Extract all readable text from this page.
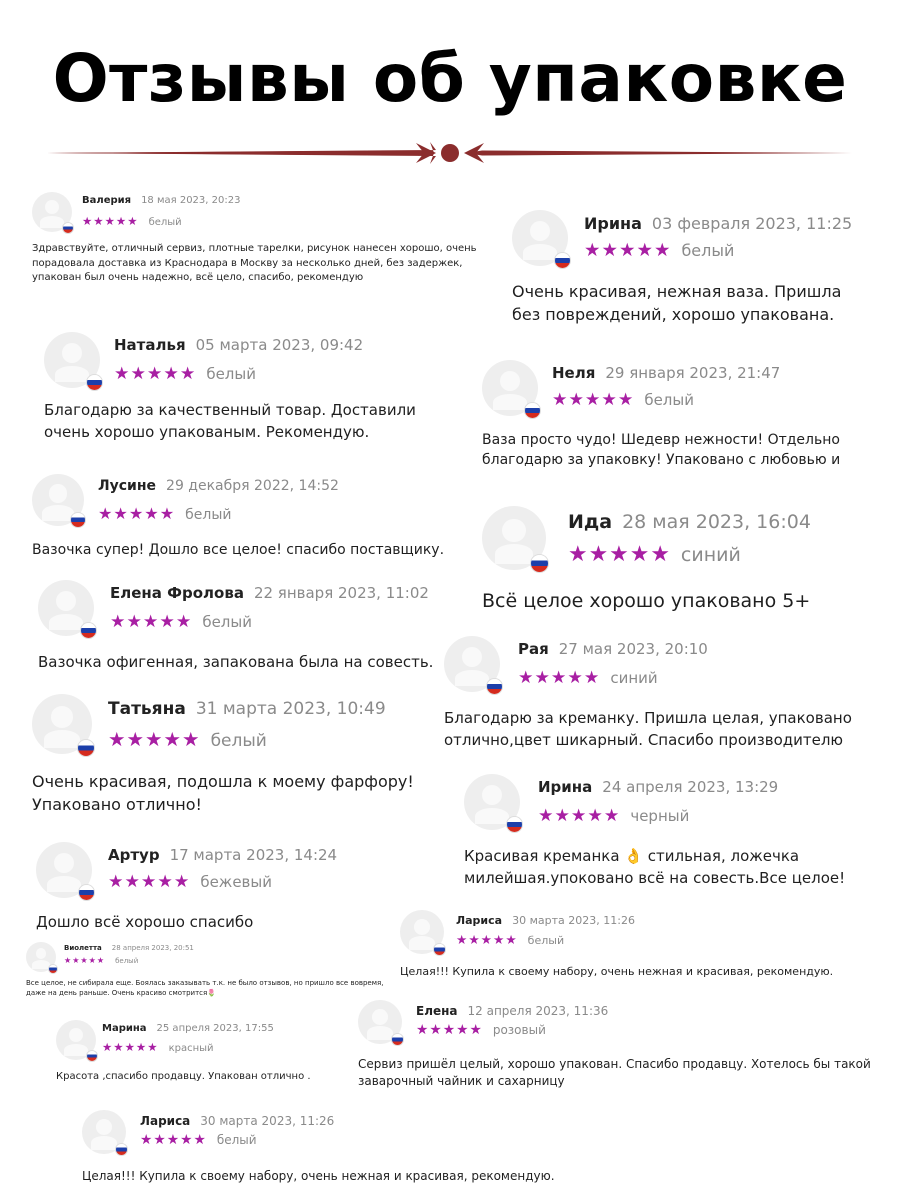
Отзывы об упаковке
Валерия 18 мая 2023, 20:23
★★★★★ белый
Здравствуйте, отличный сервиз, плотные тарелки, рисунок нанесен хорошо, очень порадовала доставка из Краснодара в Москву за несколько дней, без задержек, упакован был очень надежно, всё цело, спасибо, рекомендую
Ирина 03 февраля 2023, 11:25
★★★★★ белый
Очень красивая, нежная ваза. Пришла без повреждений, хорошо упакована.
Наталья 05 марта 2023, 09:42
★★★★★ белый
Благодарю за качественный товар. Доставили очень хорошо упакованым. Рекомендую.
Неля 29 января 2023, 21:47
★★★★★ белый
Ваза просто чудо! Шедевр нежности! Отдельно благодарю за упаковку! Упаковано с любовью и
Лусине 29 декабря 2022, 14:52
★★★★★ белый
Вазочка супер! Дошло все целое! спасибо поставщику.
Ида 28 мая 2023, 16:04
★★★★★ синий
Всё целое хорошо упаковано 5+
Елена Фролова 22 января 2023, 11:02
★★★★★ белый
Вазочка офигенная, запакована была на совесть.
Рая 27 мая 2023, 20:10
★★★★★ синий
Благодарю за креманку. Пришла целая, упаковано отлично,цвет шикарный. Спасибо производителю
Татьяна 31 марта 2023, 10:49
★★★★★ белый
Очень красивая, подошла к моему фарфору! Упаковано отлично!
Ирина 24 апреля 2023, 13:29
★★★★★ черный
Красивая креманка 👌 стильная, ложечка милейшая.упоковано всё на совесть.Все целое!
Артур 17 марта 2023, 14:24
★★★★★ бежевый
Дошло всё хорошо спасибо	Лариса 30 марта 2023, 11:26
★★★★★ белый
Целая!!! Купила к своему набору, очень нежная и красивая, рекомендую.
Виолетта 28 апреля 2023, 20:51
★★★★★ белый
Все целое, не сибирала еще. Боялась заказывать т.к. не было отзывов, но пришло все вовремя, даже на день раньше. Очень красиво смотрится🌷
Елена 12 апреля 2023, 11:36
★★★★★ розовый
Сервиз пришёл целый, хорошо упакован. Спасибо продавцу. Хотелось бы такой заварочный чайник и сахарницу
Марина 25 апреля 2023, 17:55
★★★★★ красный
Красота ,спасибо продавцу. Упакован отлично .
Лариса 30 марта 2023, 11:26
★★★★★ белый
Целая!!! Купила к своему набору, очень нежная и красивая, рекомендую.
